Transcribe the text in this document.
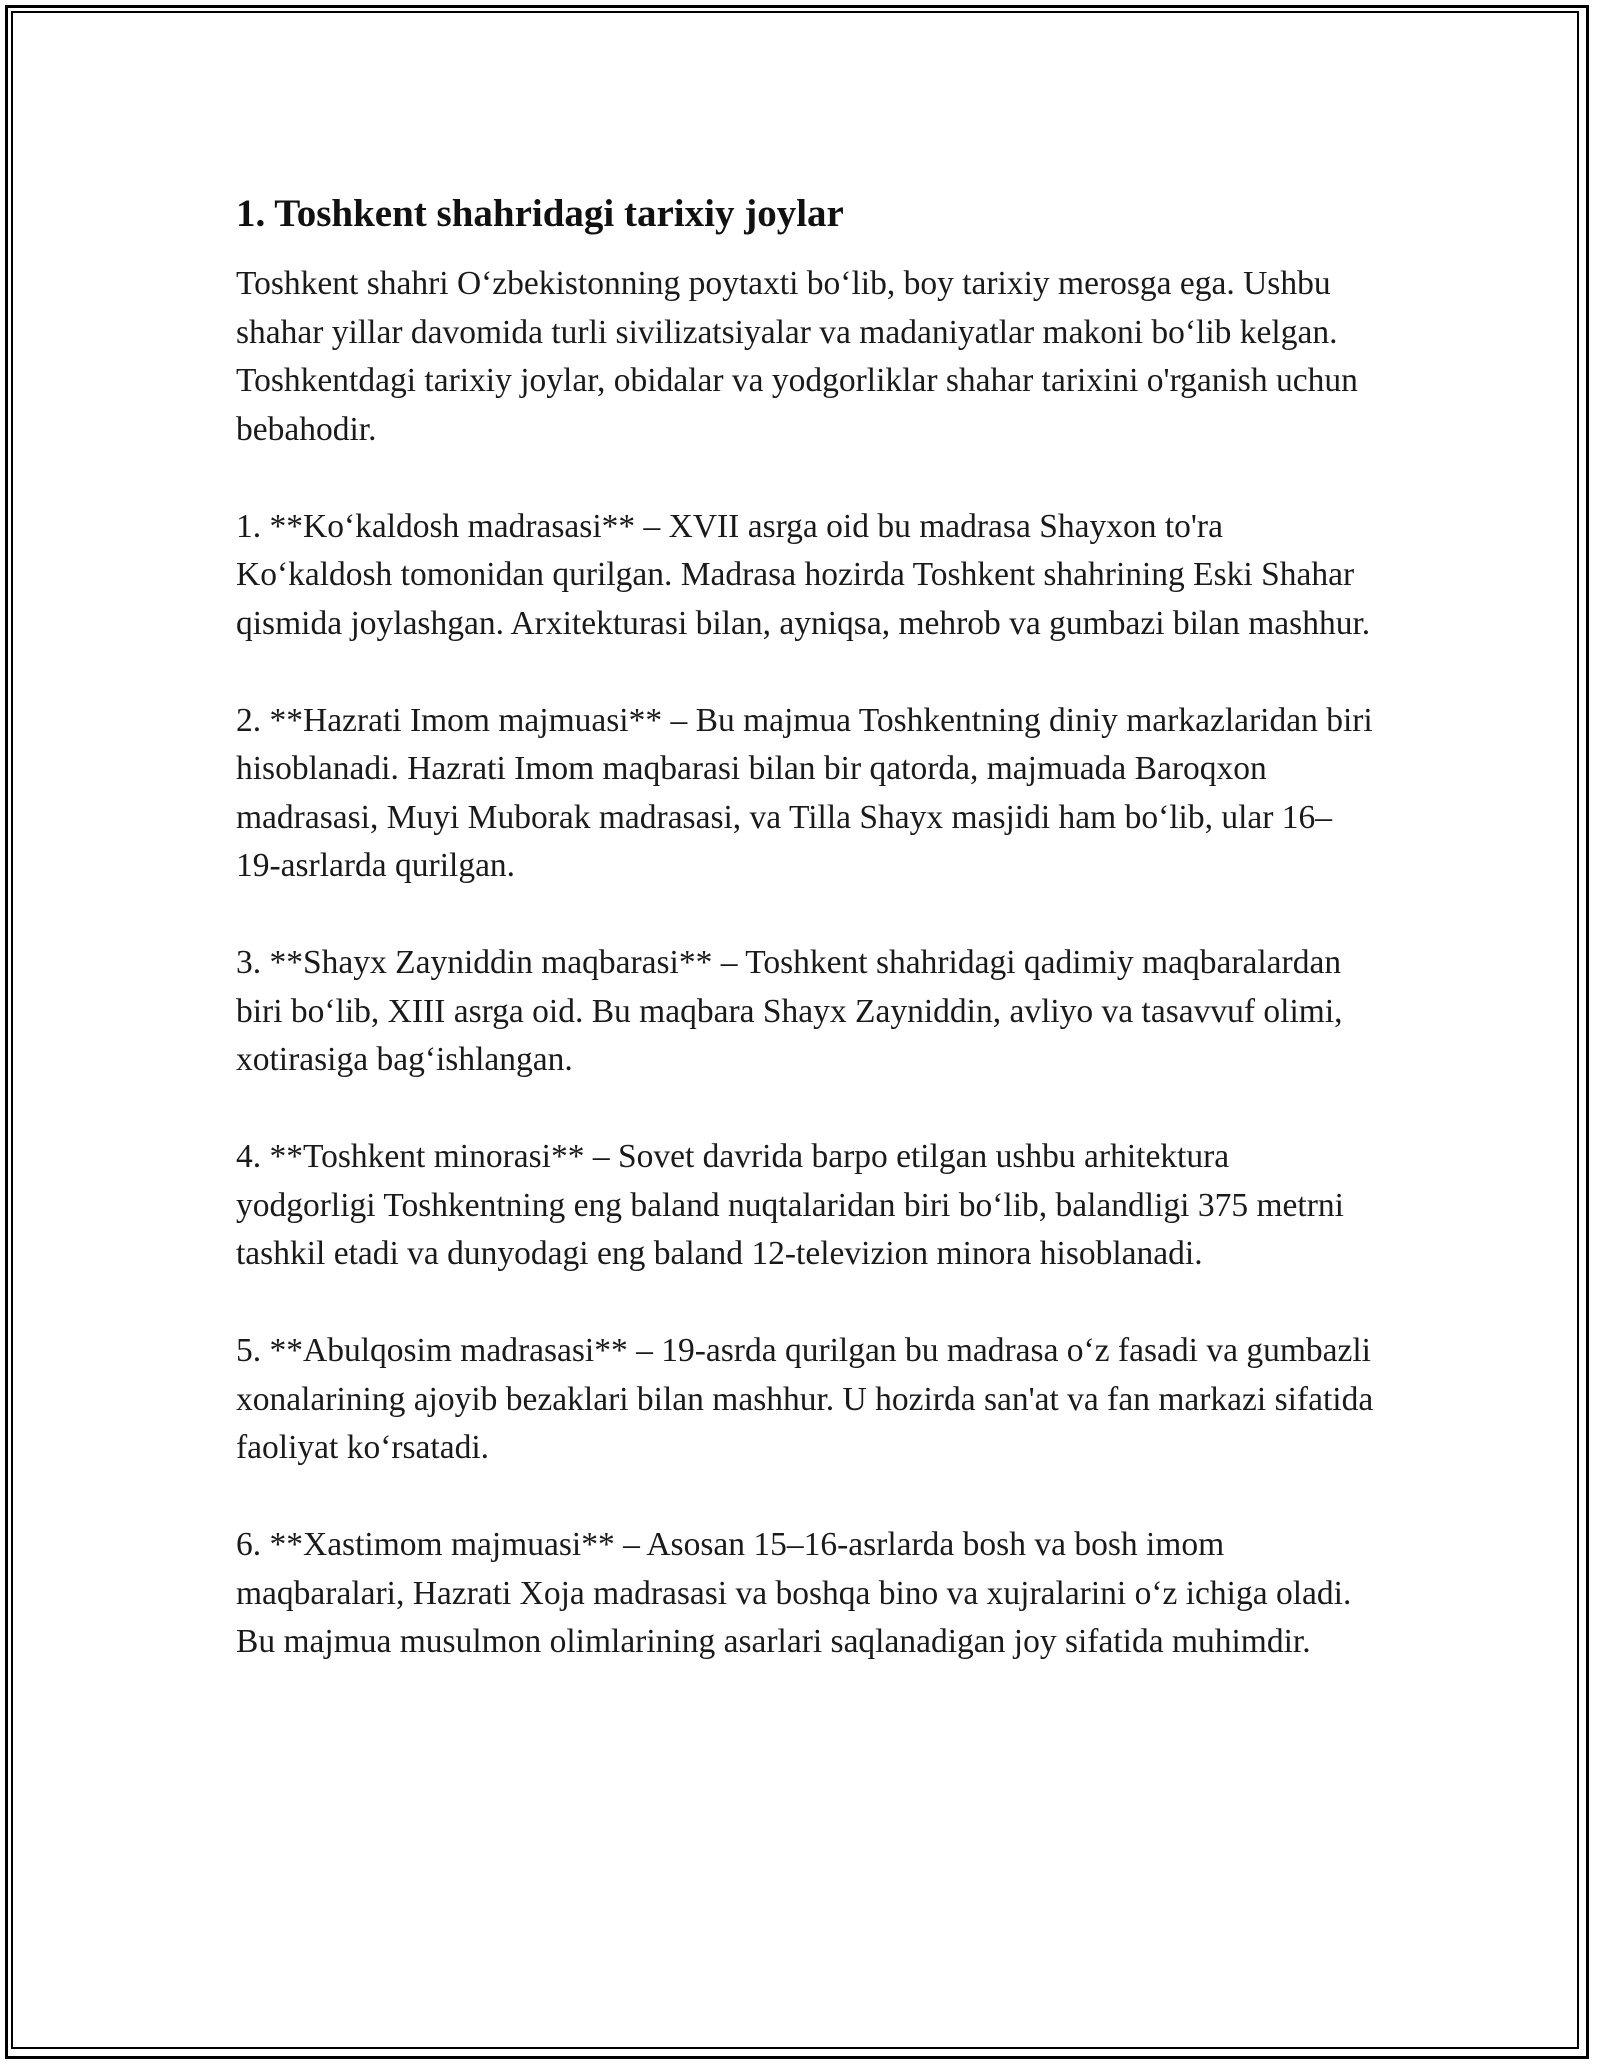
1. Toshkent shahridagi tarixiy joylar

Toshkent shahri O‘zbekistonning poytaxti bo‘lib, boy tarixiy merosga ega. Ushbu shahar yillar davomida turli sivilizatsiyalar va madaniyatlar makoni bo‘lib kelgan. Toshkentdagi tarixiy joylar, obidalar va yodgorliklar shahar tarixini o'rganish uchun bebahodir.

1. **Ko‘kaldosh madrasasi** – XVII asrga oid bu madrasa Shayxon to'ra Ko‘kaldosh tomonidan qurilgan. Madrasa hozirda Toshkent shahrining Eski Shahar qismida joylashgan. Arxitekturasi bilan, ayniqsa, mehrob va gumbazi bilan mashhur.

2. **Hazrati Imom majmuasi** – Bu majmua Toshkentning diniy markazlaridan biri hisoblanadi. Hazrati Imom maqbarasi bilan bir qatorda, majmuada Baroqxon madrasasi, Muyi Muborak madrasasi, va Tilla Shayx masjidi ham bo‘lib, ular 16–19-asrlarda qurilgan.

3. **Shayx Zayniddin maqbarasi** – Toshkent shahridagi qadimiy maqbaralardan biri bo‘lib, XIII asrga oid. Bu maqbara Shayx Zayniddin, avliyo va tasavvuf olimi, xotirasiga bag‘ishlangan.

4. **Toshkent minorasi** – Sovet davrida barpo etilgan ushbu arhitektura yodgorligi Toshkentning eng baland nuqtalaridan biri bo‘lib, balandligi 375 metrni tashkil etadi va dunyodagi eng baland 12-televizion minora hisoblanadi.

5. **Abulqosim madrasasi** – 19-asrda qurilgan bu madrasa o‘z fasadi va gumbazli xonalarining ajoyib bezaklari bilan mashhur. U hozirda san'at va fan markazi sifatida faoliyat ko‘rsatadi.

6. **Xastimom majmuasi** – Asosan 15–16-asrlarda bosh va bosh imom maqbaralari, Hazrati Xoja madrasasi va boshqa bino va xujralarini o‘z ichiga oladi. Bu majmua musulmon olimlarining asarlari saqlanadigan joy sifatida muhimdir.
